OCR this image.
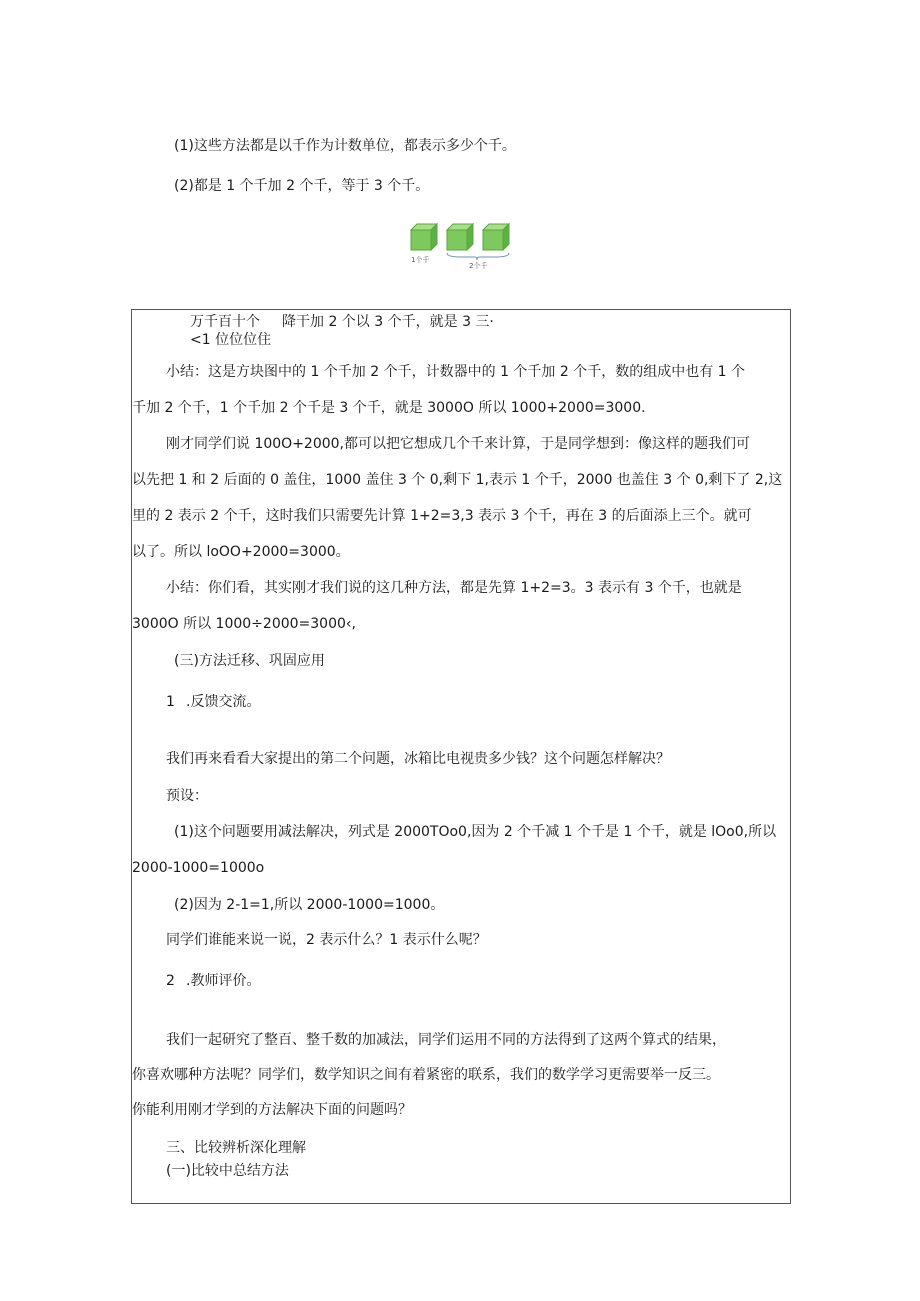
(1)这些方法都是以千作为计数单位，都表示多少个千。
(2)都是 1 个千加 2 个千，等于 3 个千。
1个千
2个千
万千百十个 降干加 2 个以 3 个千，就是 3 三·
<1 位位位住
小结：这是方块图中的 1 个千加 2 个千，计数器中的 1 个千加 2 个千，数的组成中也有 1 个
千加 2 个千，1 个千加 2 个千是 3 个千，就是 3000O 所以 1000+2000=3000.
刚才同学们说 100O+2000,都可以把它想成几个千来计算，于是同学想到：像这样的题我们可
以先把 1 和 2 后面的 0 盖住，1000 盖住 3 个 0,剩下 1,表示 1 个千，2000 也盖住 3 个 0,剩下了 2,这
里的 2 表示 2 个千，这时我们只需要先计算 1+2=3,3 表示 3 个千，再在 3 的后面添上三个。就可
以了。所以 loOO+2000=3000。
小结：你们看，其实刚才我们说的这几种方法，都是先算 1+2=3。3 表示有 3 个千，也就是
3000O 所以 1000÷2000=3000‹,
(三)方法迁移、巩固应用
1 .反馈交流。
我们再来看看大家提出的第二个问题，冰箱比电视贵多少钱？这个问题怎样解决？
预设：
(1)这个问题要用减法解决，列式是 2000TOo0,因为 2 个千减 1 个千是 1 个千，就是 lOo0,所以
2000-1000=1000o
(2)因为 2-1=1,所以 2000-1000=1000。
同学们谁能来说一说，2 表示什么？1 表示什么呢？
2 .教师评价。
我们一起研究了整百、整千数的加减法，同学们运用不同的方法得到了这两个算式的结果，
你喜欢哪种方法呢？同学们，数学知识之间有着紧密的联系，我们的数学学习更需要举一反三。
你能利用刚才学到的方法解决下面的问题吗？
三、比较辨析深化理解
(一)比较中总结方法
